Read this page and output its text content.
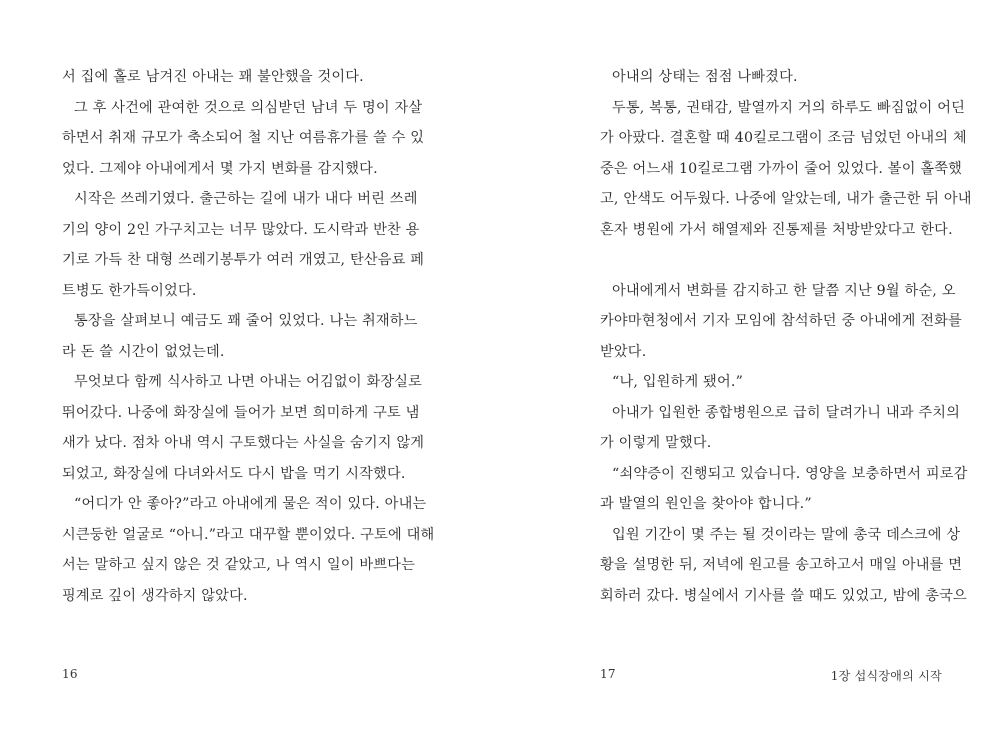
서 집에 홀로 남겨진 아내는 꽤 불안했을 것이다.
그 후 사건에 관여한 것으로 의심받던 남녀 두 명이 자살
하면서 취재 규모가 축소되어 철 지난 여름휴가를 쓸 수 있
었다. 그제야 아내에게서 몇 가지 변화를 감지했다.
시작은 쓰레기였다. 출근하는 길에 내가 내다 버린 쓰레
기의 양이 2인 가구치고는 너무 많았다. 도시락과 반찬 용
기로 가득 찬 대형 쓰레기봉투가 여러 개였고, 탄산음료 페
트병도 한가득이었다.
통장을 살펴보니 예금도 꽤 줄어 있었다. 나는 취재하느
라 돈 쓸 시간이 없었는데.
무엇보다 함께 식사하고 나면 아내는 어김없이 화장실로
뛰어갔다. 나중에 화장실에 들어가 보면 희미하게 구토 냄
새가 났다. 점차 아내 역시 구토했다는 사실을 숨기지 않게
되었고, 화장실에 다녀와서도 다시 밥을 먹기 시작했다.
“어디가 안 좋아?”라고 아내에게 물은 적이 있다. 아내는
시큰둥한 얼굴로 “아니.”라고 대꾸할 뿐이었다. 구토에 대해
서는 말하고 싶지 않은 것 같았고, 나 역시 일이 바쁘다는
핑계로 깊이 생각하지 않았다.
16
아내의 상태는 점점 나빠졌다.
두통, 복통, 권태감, 발열까지 거의 하루도 빠짐없이 어딘
가 아팠다. 결혼할 때 40킬로그램이 조금 넘었던 아내의 체
중은 어느새 10킬로그램 가까이 줄어 있었다. 볼이 홀쭉했
고, 안색도 어두웠다. 나중에 알았는데, 내가 출근한 뒤 아내
혼자 병원에 가서 해열제와 진통제를 처방받았다고 한다.
아내에게서 변화를 감지하고 한 달쯤 지난 9월 하순, 오
카야마현청에서 기자 모임에 참석하던 중 아내에게 전화를
받았다.
“나, 입원하게 됐어.”
아내가 입원한 종합병원으로 급히 달려가니 내과 주치의
가 이렇게 말했다.
“쇠약증이 진행되고 있습니다. 영양을 보충하면서 피로감
과 발열의 원인을 찾아야 합니다.”
입원 기간이 몇 주는 될 것이라는 말에 총국 데스크에 상
황을 설명한 뒤, 저녁에 원고를 송고하고서 매일 아내를 면
회하러 갔다. 병실에서 기사를 쓸 때도 있었고, 밤에 총국으
17	1장 섭식장애의 시작
